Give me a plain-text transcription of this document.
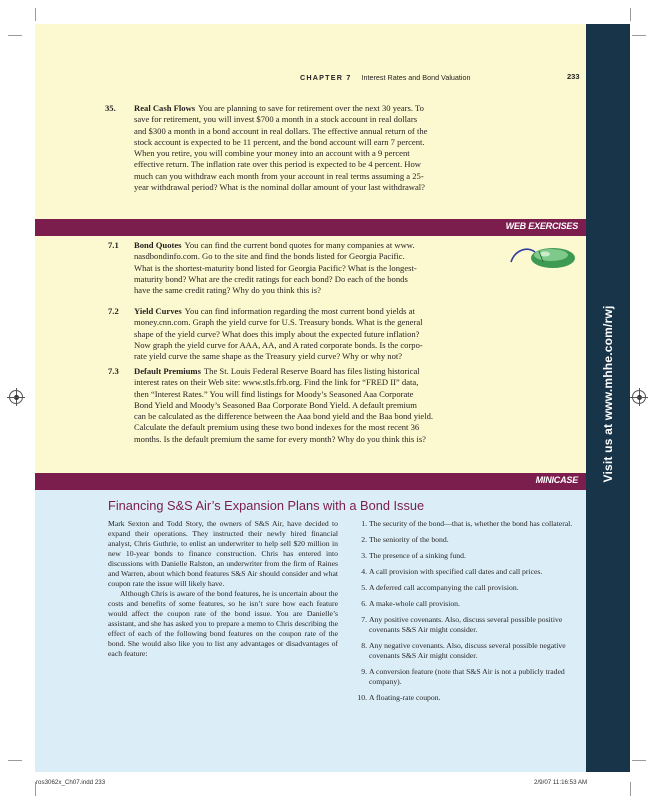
Visit us at www.mhhe.com/rwj
CHAPTER 7 Interest Rates and Bond Valuation	233
35. Real Cash Flows You are planning to save for retirement over the next 30 years. To
save for retirement, you will invest $700 a month in a stock account in real dollars
and $300 a month in a bond account in real dollars. The effective annual return of the
stock account is expected to be 11 percent, and the bond account will earn 7 percent.
When you retire, you will combine your money into an account with a 9 percent
effective return. The inflation rate over this period is expected to be 4 percent. How
much can you withdraw each month from your account in real terms assuming a 25-
year withdrawal period? What is the nominal dollar amount of your last withdrawal?
WEB EXERCISES
7.1 Bond Quotes You can find the current bond quotes for many companies at www.
nasdbondinfo.com. Go to the site and find the bonds listed for Georgia Pacific.
What is the shortest-maturity bond listed for Georgia Pacific? What is the longest-
maturity bond? What are the credit ratings for each bond? Do each of the bonds
have the same credit rating? Why do you think this is?
7.2 Yield Curves You can find information regarding the most current bond yields at
money.cnn.com. Graph the yield curve for U.S. Treasury bonds. What is the general
shape of the yield curve? What does this imply about the expected future inflation?
Now graph the yield curve for AAA, AA, and A rated corporate bonds. Is the corpo-
rate yield curve the same shape as the Treasury yield curve? Why or why not?
7.3 Default Premiums The St. Louis Federal Reserve Board has files listing historical
interest rates on their Web site: www.stls.frb.org. Find the link for “FRED II” data,
then “Interest Rates.” You will find listings for Moody’s Seasoned Aaa Corporate
Bond Yield and Moody’s Seasoned Baa Corporate Bond Yield. A default premium
can be calculated as the difference between the Aaa bond yield and the Baa bond yield.
Calculate the default premium using these two bond indexes for the most recent 36
months. Is the default premium the same for every month? Why do you think this is?
MINICASE
Financing S&S Air’s Expansion Plans with a Bond Issue

Mark Sexton and Todd Story, the owners of S&S Air, have decided to expand their operations. They instructed their newly hired financial analyst, Chris Guthrie, to enlist an underwriter to help sell $20 million in new 10-year bonds to finance construction. Chris has entered into discussions with Danielle Ralston, an underwriter from the firm of Raines and Warren, about which bond features S&S Air should consider and what coupon rate the issue will likely have.

Although Chris is aware of the bond features, he is uncertain about the costs and benefits of some features, so he isn’t sure how each feature would affect the coupon rate of the bond issue. You are Danielle’s assistant, and she has asked you to prepare a memo to Chris describing the effect of each of the following bond features on the coupon rate of the bond. She would also like you to list any advantages or disadvantages of each feature:

1. The security of the bond—that is, whether the bond has collateral.
2. The seniority of the bond.
3. The presence of a sinking fund.
4. A call provision with specified call dates and call prices.
5. A deferred call accompanying the call provision.
6. A make-whole call provision.
7. Any positive covenants. Also, discuss several possible positive covenants S&S Air might consider.
8. Any negative covenants. Also, discuss several possible negative covenants S&S Air might consider.
9. A conversion feature (note that S&S Air is not a publicly traded company).
10. A floating-rate coupon.
ros3062x_Ch07.indd 233	2/9/07 11:16:53 AM
